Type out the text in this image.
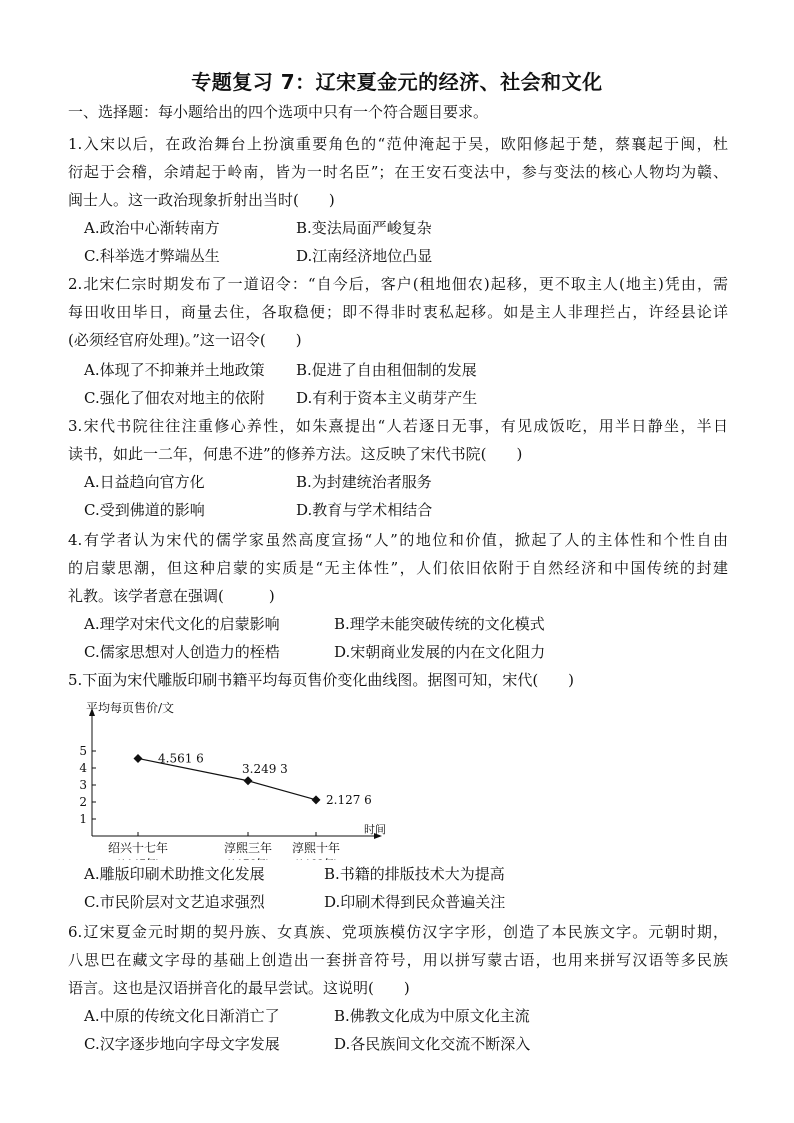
专题复习 7：辽宋夏金元的经济、社会和文化
一、选择题：每小题给出的四个选项中只有一个符合题目要求。
1.入宋以后，在政治舞台上扮演重要角色的“范仲淹起于吴，欧阳修起于楚，蔡襄起于闽，杜
衍起于会稽，余靖起于岭南，皆为一时名臣”；在王安石变法中，参与变法的核心人物均为赣、
闽士人。这一政治现象折射出当时(　　)
A.政治中心渐转南方	B.变法局面严峻复杂
C.科举选才弊端丛生	D.江南经济地位凸显
2.北宋仁宗时期发布了一道诏令：“自今后，客户(租地佃农)起移，更不取主人(地主)凭由，需
每田收田毕日，商量去住，各取稳便；即不得非时衷私起移。如是主人非理拦占，许经县论详
(必须经官府处理)。”这一诏令(　　)
A.体现了不抑兼并土地政策 B.促进了自由租佃制的发展
C.强化了佃农对地主的依附 D.有利于资本主义萌芽产生
3.宋代书院往往注重修心养性，如朱熹提出“人若逐日无事，有见成饭吃，用半日静坐，半日
读书，如此一二年，何患不进”的修养方法。这反映了宋代书院(　　)
A.日益趋向官方化	B.为封建统治者服务
C.受到佛道的影响	D.教育与学术相结合
4.有学者认为宋代的儒学家虽然高度宣扬“人”的地位和价值，掀起了人的主体性和个性自由
的启蒙思潮，但这种启蒙的实质是“无主体性”，人们依旧依附于自然经济和中国传统的封建
礼教。该学者意在强调(　　　)
A.理学对宋代文化的启蒙影响	B.理学未能突破传统的文化模式
C.儒家思想对人创造力的桎梏	D.宋朝商业发展的内在文化阻力
5.下面为宋代雕版印刷书籍平均每页售价变化曲线图。据图可知，宋代(　　)
平均每页售价/文
时间
1
2
3
4
5
绍兴十七年	淳熙三年 淳熙十年
4.561 6
3.249 3
2.127 6
A.雕版印刷术助推文化发展	B.书籍的排版技术大为提高
C.市民阶层对文艺追求强烈	D.印刷术得到民众普遍关注
6.辽宋夏金元时期的契丹族、女真族、党项族模仿汉字字形，创造了本民族文字。元朝时期，
八思巴在藏文字母的基础上创造出一套拼音符号，用以拼写蒙古语，也用来拼写汉语等多民族
语言。这也是汉语拼音化的最早尝试。这说明(　　)
A.中原的传统文化日渐消亡了	B.佛教文化成为中原文化主流
C.汉字逐步地向字母文字发展	D.各民族间文化交流不断深入
